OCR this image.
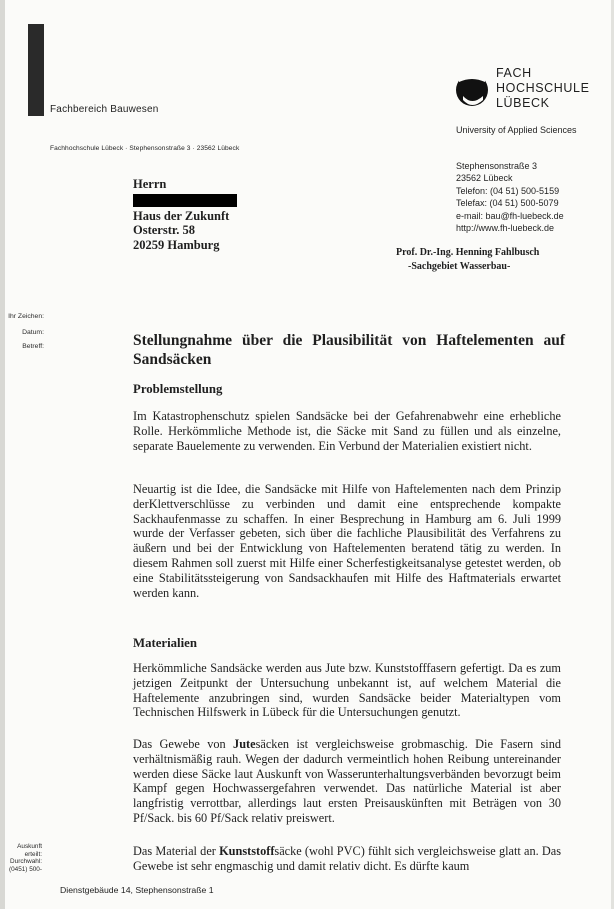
Fachbereich Bauwesen
Fachhochschule Lübeck · Stephensonstraße 3 · 23562 Lübeck
FACH
HOCHSCHULE
LÜBECK
University of Applied Sciences
Stephensonstraße 3
23562 Lübeck
Telefon: (04 51) 500-5159
Telefax: (04 51) 500-5079
e-mail: bau@fh-luebeck.de
http://www.fh-luebeck.de
Herrn
Haus der Zukunft
Osterstr. 58
20259 Hamburg
Prof. Dr.-Ing. Henning Fahlbusch
-Sachgebiet Wasserbau-
Ihr Zeichen:
Datum:
Betreff:	Stellungnahme über die Plausibilität von Haftelementen auf Sandsäcken
Problemstellung

Im Katastrophenschutz spielen Sandsäcke bei der Gefahrenabwehr eine erhebliche Rolle. Herkömmliche Methode ist, die Säcke mit Sand zu füllen und als einzelne, separate Bauelemente zu verwenden. Ein Verbund der Materialien existiert nicht.

Neuartig ist die Idee, die Sandsäcke mit Hilfe von Haftelementen nach dem Prinzip derKlettverschlüsse zu verbinden und damit eine entsprechende kompakte Sackhaufenmasse zu schaffen. In einer Besprechung in Hamburg am 6. Juli 1999 wurde der Verfasser gebeten, sich über die fachliche Plausibilität des Verfahrens zu äußern und bei der Entwicklung von Haftelementen beratend tätig zu werden. In diesem Rahmen soll zuerst mit Hilfe einer Scherfestigkeitsanalyse getestet werden, ob eine Stabilitätssteigerung von Sandsackhaufen mit Hilfe des Haftmaterials erwartet werden kann.

Materialien

Herkömmliche Sandsäcke werden aus Jute bzw. Kunststofffasern gefertigt. Da es zum jetzigen Zeitpunkt der Untersuchung unbekannt ist, auf welchem Material die Haftelemente anzubringen sind, wurden Sandsäcke beider Materialtypen vom Technischen Hilfswerk in Lübeck für die Untersuchungen genutzt.

Das Gewebe von Jutesäcken ist vergleichsweise grobmaschig. Die Fasern sind verhältnismäßig rauh. Wegen der dadurch vermeintlich hohen Reibung untereinander werden diese Säcke laut Auskunft von Wasserunterhaltungsverbänden bevorzugt beim Kampf gegen Hochwassergefahren verwendet. Das natürliche Material ist aber langfristig verrottbar, allerdings laut ersten Preisauskünften mit Beträgen von 30 Pf/Sack. bis 60 Pf/Sack relativ preiswert.

Das Material der Kunststoffsäcke (wohl PVC) fühlt sich vergleichsweise glatt an. Das Gewebe ist sehr engmaschig und damit relativ dicht. Es dürfte kaum

Auskunft
erteilt:
Durchwahl:
(0451) 500-
Dienstgebäude 14, Stephensonstraße 1
